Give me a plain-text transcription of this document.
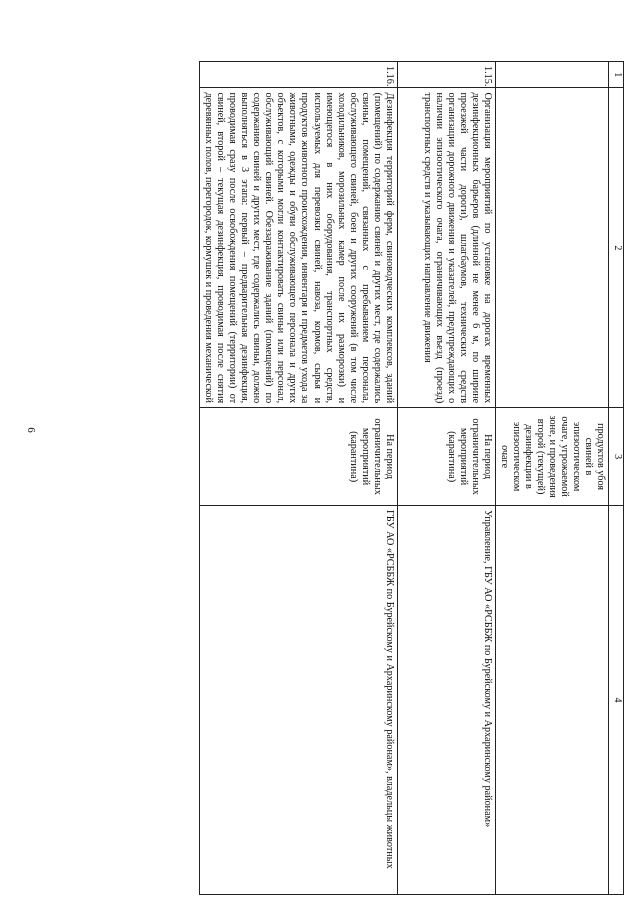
6
1	2	3	4
		продуктов убоя свиней в эпизоотическом очаге, угрожаемой зоне, и проведения второй (текущей) дезинфекции в эпизоотическом очаге	
1.15.	Организация мероприятий по установке на дорогах временных дезинфекционных барьеров (длинной не менее 6 м, по ширине проезжей части дороги), шлагбаумов, технических средств организации дорожного движения и указателей, предупреждающих о наличии эпизоотического очага, ограничивающих въезд (проезд) транспортных средств и указывающих направление движения	На период ограничительных мероприятий (карантина)	Управление, ГБУ АО «РСББЖ по Бурейскому и Архаринскому районам»
1.16.	Дезинфекция территорий ферм, свиноводческих комплексов, зданий (помещений) по содержанию свиней и других мест, где содержались свиньи, помещений, связанных с пребыванием персонала, обслуживающего свиней, боен и других сооружений (в том числе холодильников, морозильных камер после их разморозки) и имеющегося в них оборудования, транспортных средств, используемых для перевозки свиней, навоза, кормов, сырья и продуктов животного происхождения, инвентаря и предметов ухода за животными, одежды и обуви обслуживающего персонала и других объектов, с которыми могли контактировать свиньи или персонал, обслуживающий свиней. Обеззараживание зданий (помещений) по содержанию свиней и других мест, где содержались свиньи, должно выполняться в 3 этапа: первый – предварительная дезинфекция, проводимая сразу после освобождения помещений (территории) от свиней, второй – текущая дезинфекция, проводимая после снятия деревянных полов, перегородок, кормушек и проведения механической	На период ограничительных мероприятий (карантина)	ГБУ АО «РСББЖ по Бурейскому и Архаринскому районам», владельцы животных
